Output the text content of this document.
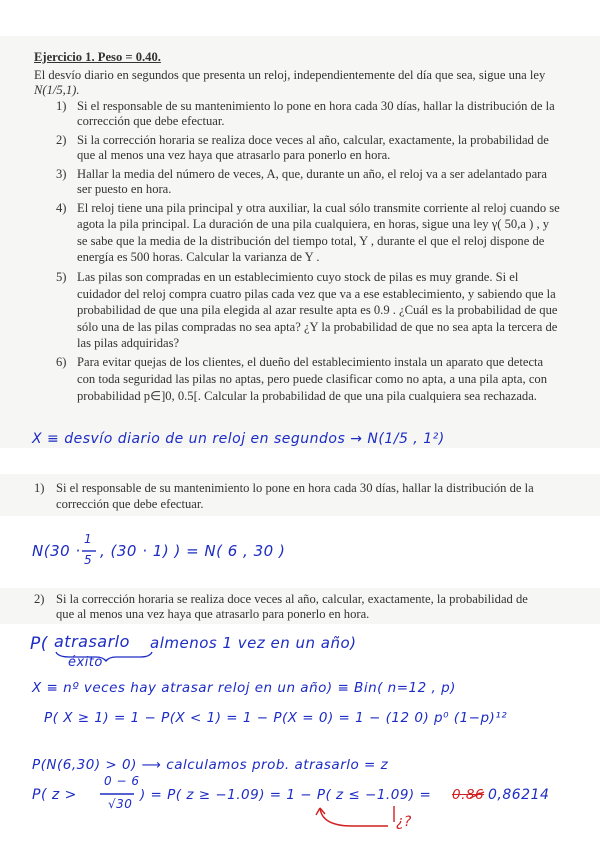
Ejercicio 1. Peso = 0.40.
El desvío diario en segundos que presenta un reloj, independientemente del día que sea, sigue una ley
N(1/5,1).
1) Si el responsable de su mantenimiento lo pone en hora cada 30 días, hallar la distribución de la
corrección que debe efectuar.
2) Si la corrección horaria se realiza doce veces al año, calcular, exactamente, la probabilidad de
que al menos una vez haya que atrasarlo para ponerlo en hora.
3) Hallar la media del número de veces, A, que, durante un año, el reloj va a ser adelantado para
ser puesto en hora.
4) El reloj tiene una pila principal y otra auxiliar, la cual sólo transmite corriente al reloj cuando se
agota la pila principal. La duración de una pila cualquiera, en horas, sigue una ley γ( 50,a ) , y
se sabe que la media de la distribución del tiempo total, Y , durante el que el reloj dispone de
energía es 500 horas. Calcular la varianza de Y .
5) Las pilas son compradas en un establecimiento cuyo stock de pilas es muy grande. Si el
cuidador del reloj compra cuatro pilas cada vez que va a ese establecimiento, y sabiendo que la
probabilidad de que una pila elegida al azar resulte apta es 0.9 . ¿Cuál es la probabilidad de que
sólo una de las pilas compradas no sea apta? ¿Y la probabilidad de que no sea apta la tercera de
las pilas adquiridas?
6) Para evitar quejas de los clientes, el dueño del establecimiento instala un aparato que detecta
con toda seguridad las pilas no aptas, pero puede clasificar como no apta, a una pila apta, con
probabilidad p∈]0, 0.5[. Calcular la probabilidad de que una pila cualquiera sea rechazada.
X ≡ desvío diario de un reloj en segundos → N(1/5 , 1²)
1) Si el responsable de su mantenimiento lo pone en hora cada 30 días, hallar la distribución de la
corrección que debe efectuar.
N(30 ·
1
5 , (30 · 1) ) = N( 6 , 30 )
2) Si la corrección horaria se realiza doce veces al año, calcular, exactamente, la probabilidad de
que al menos una vez haya que atrasarlo para ponerlo en hora.
P( atrasarlo almenos 1 vez en un año)
éxito
X ≡ nº veces hay atrasar reloj en un año) ≡ Bin( n=12 , p)
P( X ≥ 1) = 1 − P(X < 1) = 1 − P(X = 0) = 1 − (12 0) p⁰ (1−p)¹²
P(N(6,30) > 0) ⟶ calculamos prob. atrasarlo = z
P( z >
0 − 6
√30
) = P( z ≥ −1.09) = 1 − P( z ≤ −1.09) = 0.86 0,86214
¿?
